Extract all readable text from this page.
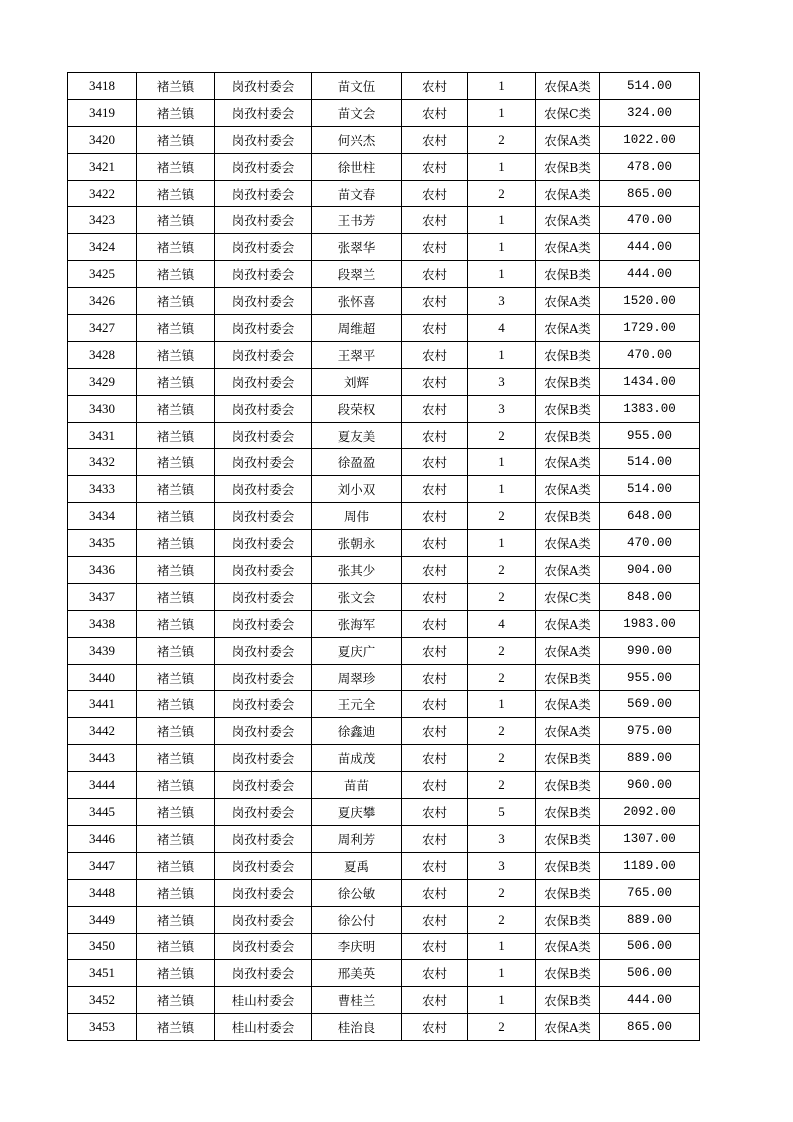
3418	褚兰镇	岗孜村委会	苗文伍	农村	1	农保A类	514.00
3419	褚兰镇	岗孜村委会	苗文会	农村	1	农保C类	324.00
3420	褚兰镇	岗孜村委会	何兴杰	农村	2	农保A类	1022.00
3421	褚兰镇	岗孜村委会	徐世柱	农村	1	农保B类	478.00
3422	褚兰镇	岗孜村委会	苗文春	农村	2	农保A类	865.00
3423	褚兰镇	岗孜村委会	王书芳	农村	1	农保A类	470.00
3424	褚兰镇	岗孜村委会	张翠华	农村	1	农保A类	444.00
3425	褚兰镇	岗孜村委会	段翠兰	农村	1	农保B类	444.00
3426	褚兰镇	岗孜村委会	张怀喜	农村	3	农保A类	1520.00
3427	褚兰镇	岗孜村委会	周维超	农村	4	农保A类	1729.00
3428	褚兰镇	岗孜村委会	王翠平	农村	1	农保B类	470.00
3429	褚兰镇	岗孜村委会	刘辉	农村	3	农保B类	1434.00
3430	褚兰镇	岗孜村委会	段荣权	农村	3	农保B类	1383.00
3431	褚兰镇	岗孜村委会	夏友美	农村	2	农保B类	955.00
3432	褚兰镇	岗孜村委会	徐盈盈	农村	1	农保A类	514.00
3433	褚兰镇	岗孜村委会	刘小双	农村	1	农保A类	514.00
3434	褚兰镇	岗孜村委会	周伟	农村	2	农保B类	648.00
3435	褚兰镇	岗孜村委会	张朝永	农村	1	农保A类	470.00
3436	褚兰镇	岗孜村委会	张其少	农村	2	农保A类	904.00
3437	褚兰镇	岗孜村委会	张文会	农村	2	农保C类	848.00
3438	褚兰镇	岗孜村委会	张海军	农村	4	农保A类	1983.00
3439	褚兰镇	岗孜村委会	夏庆广	农村	2	农保A类	990.00
3440	褚兰镇	岗孜村委会	周翠珍	农村	2	农保B类	955.00
3441	褚兰镇	岗孜村委会	王元全	农村	1	农保A类	569.00
3442	褚兰镇	岗孜村委会	徐鑫迪	农村	2	农保A类	975.00
3443	褚兰镇	岗孜村委会	苗成茂	农村	2	农保B类	889.00
3444	褚兰镇	岗孜村委会	苗苗	农村	2	农保B类	960.00
3445	褚兰镇	岗孜村委会	夏庆攀	农村	5	农保B类	2092.00
3446	褚兰镇	岗孜村委会	周利芳	农村	3	农保B类	1307.00
3447	褚兰镇	岗孜村委会	夏禹	农村	3	农保B类	1189.00
3448	褚兰镇	岗孜村委会	徐公敏	农村	2	农保B类	765.00
3449	褚兰镇	岗孜村委会	徐公付	农村	2	农保B类	889.00
3450	褚兰镇	岗孜村委会	李庆明	农村	1	农保A类	506.00
3451	褚兰镇	岗孜村委会	邢美英	农村	1	农保B类	506.00
3452	褚兰镇	桂山村委会	曹桂兰	农村	1	农保B类	444.00
3453	褚兰镇	桂山村委会	桂治良	农村	2	农保A类	865.00
